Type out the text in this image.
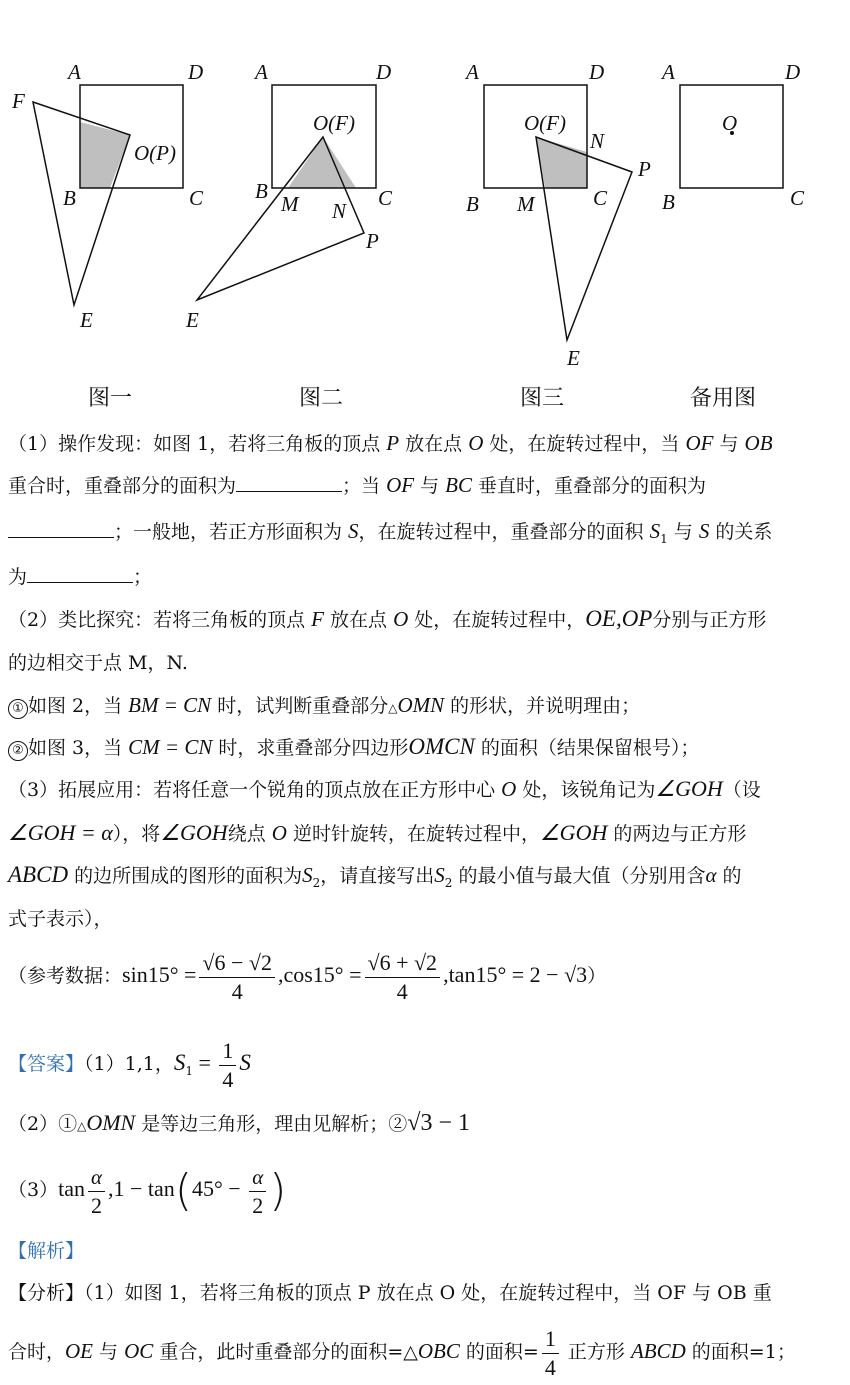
A	D
F
O(P)
B	C
E
图一
A	D
O(F)
B
M N
C
P
E
图二
A	D
O(F)
N
P
B M	C
E
图三
A	D
O
B	C
备用图
（1）操作发现：如图 1，若将三角板的顶点 P 放在点 O 处，在旋转过程中，当 OF 与 OB
重合时，重叠部分的面积为	；当 OF 与 BC 垂直时，重叠部分的面积为
；一般地，若正方形面积为 S，在旋转过程中，重叠部分的面积 $S_1$ 与 S 的关系
为	；
（2）类比探究：若将三角板的顶点 F 放在点 O 处，在旋转过程中，OE,OP分别与正方形
的边相交于点 M，N.
① 如图 2，当 BM = CN 时，试判断重叠部分△OMN 的形状，并说明理由；
② 如图 3，当 CM = CN 时，求重叠部分四边形OMCN 的面积（结果保留根号）；
（3）拓展应用：若将任意一个锐角的顶点放在正方形中心 O 处，该锐角记为∠GOH（设
∠GOH = α），将∠GOH绕点 O 逆时针旋转，在旋转过程中，∠GOH 的两边与正方形
ABCD 的边所围成的图形的面积为$S_2$，请直接写出$S_2$ 的最小值与最大值（分别用含α 的
式子表示），
（参考数据：$\sin 15^\circ = \frac{√6 - √2}{4} ,\cos 15^\circ = \frac{√6 + √2}{4} ,\tan 15^\circ = 2 - √3$）
【答案】（1）1,1，$S_1 = \frac{1}{4}$ S
（2）①△OMN 是等边三角形，理由见解析；②√3 − 1
$(3)\tan \frac{\alpha}{2} ,1 - \tan(45^\circ - \frac{\alpha}{2}$ )
【解析】
【分析】（1）如图 1，若将三角板的顶点 P 放在点 O 处，在旋转过程中，当 OF 与 OB 重
合时，OE 与 OC 重合，此时重叠部分的面积=△OBC 的面积= $\frac{1}{4}$ 正方形 ABCD 的面积=1；
